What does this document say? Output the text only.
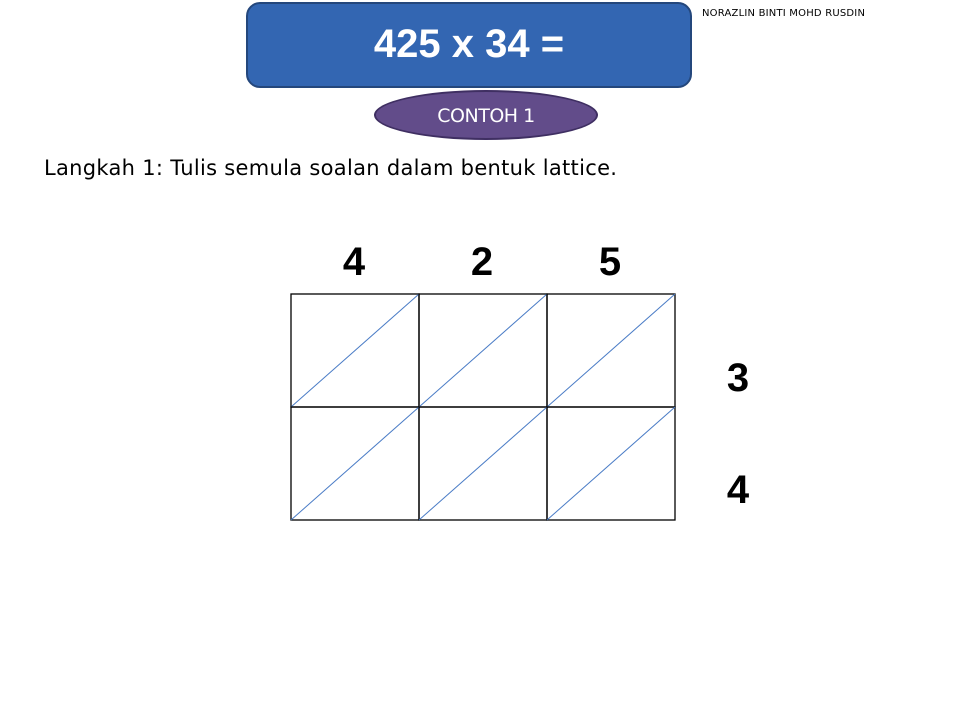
425 x 34 =
NORAZLIN BINTI MOHD RUSDIN
CONTOH 1
Langkah 1: Tulis semula soalan dalam bentuk lattice.
4	2	5
3
4
